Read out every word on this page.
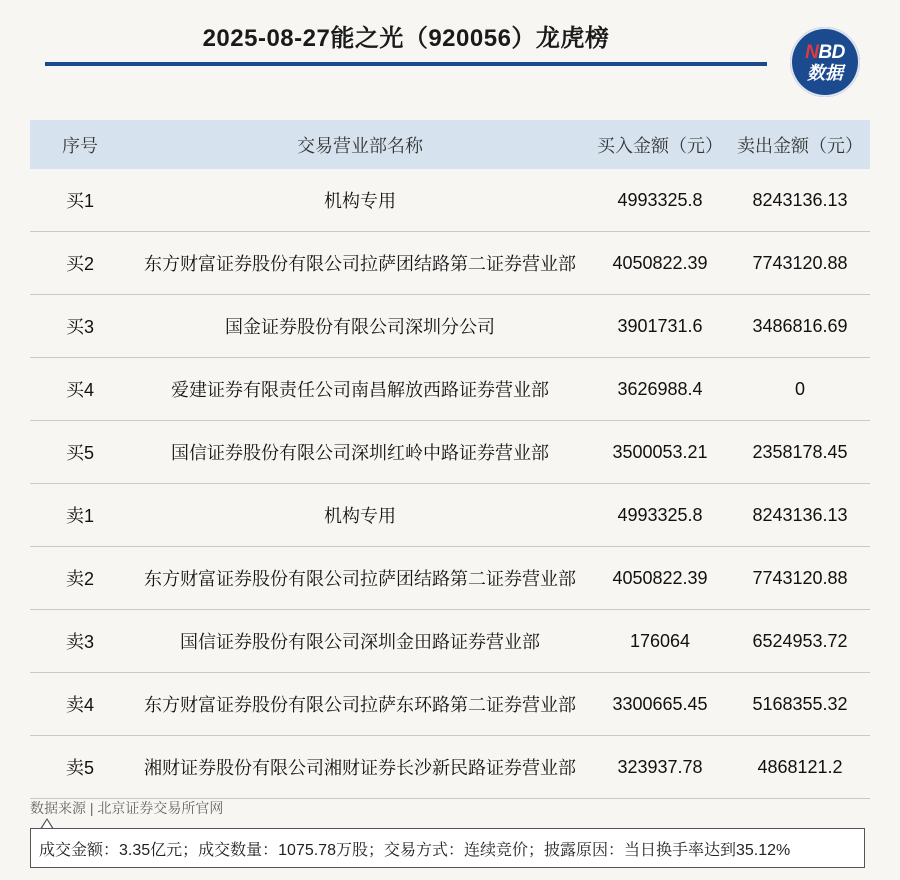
2025-08-27能之光（920056）龙虎榜	NBD
数据
序号	交易营业部名称	买入金额（元）	卖出金额（元）
买1	机构专用	4993325.8	8243136.13
买2	东方财富证券股份有限公司拉萨团结路第二证券营业部	4050822.39	7743120.88
买3	国金证券股份有限公司深圳分公司	3901731.6	3486816.69
买4	爱建证券有限责任公司南昌解放西路证券营业部	3626988.4	0
买5	国信证券股份有限公司深圳红岭中路证券营业部	3500053.21	2358178.45
卖1	机构专用	4993325.8	8243136.13
卖2	东方财富证券股份有限公司拉萨团结路第二证券营业部	4050822.39	7743120.88
卖3	国信证券股份有限公司深圳金田路证券营业部	176064	6524953.72
卖4	东方财富证券股份有限公司拉萨东环路第二证券营业部	3300665.45	5168355.32
卖5	湘财证券股份有限公司湘财证券长沙新民路证券营业部	323937.78	4868121.2
数据来源 | 北京证券交易所官网
成交金额：3.35亿元；成交数量：1075.78万股；交易方式：连续竞价；披露原因：当日换手率达到35.12%
